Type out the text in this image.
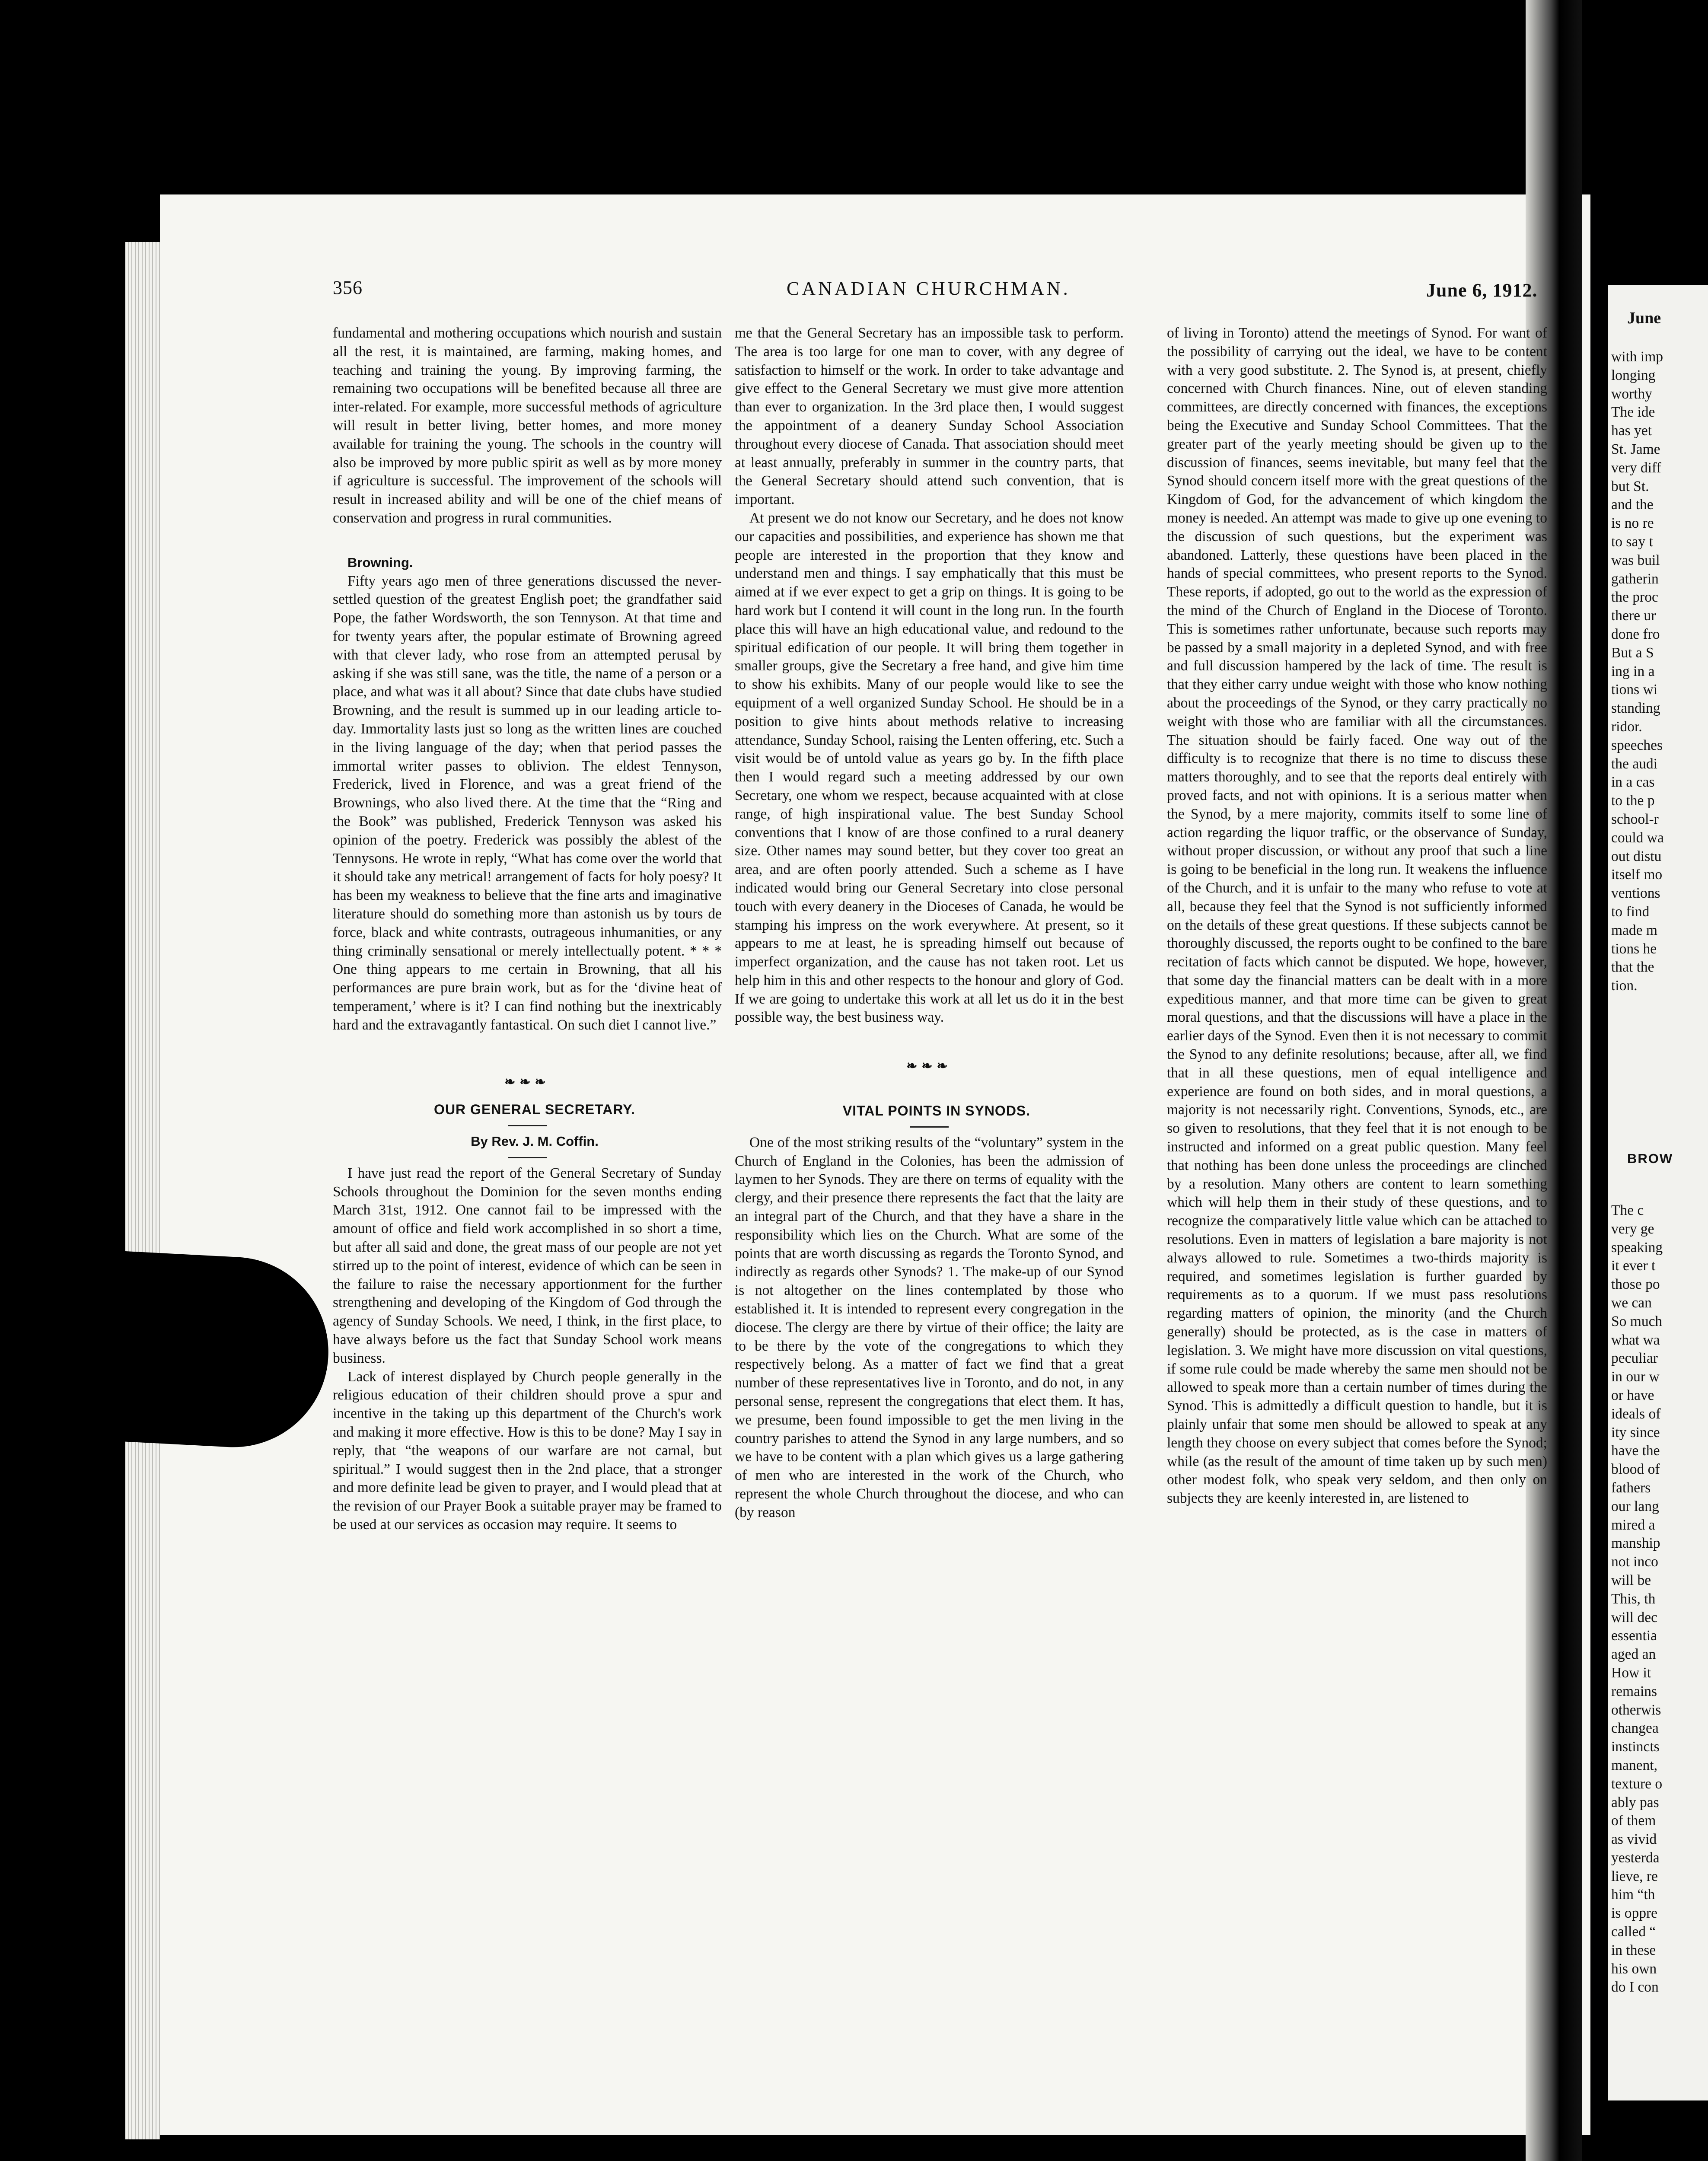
356	CANADIAN CHURCHMAN.	June 6, 1912.

fundamental and mothering occupations which nourish and sustain all the rest, it is maintained, are farming, making homes, and teaching and training the young. By improving farming, the remaining two occupations will be benefited because all three are inter-related. For example, more successful methods of agriculture will result in better living, better homes, and more money available for training the young. The schools in the country will also be improved by more public spirit as well as by more money if agriculture is successful. The improvement of the schools will result in increased ability and will be one of the chief means of conservation and progress in rural communities.

Browning.

Fifty years ago men of three generations discussed the never-settled question of the greatest English poet; the grandfather said Pope, the father Wordsworth, the son Tennyson. At that time and for twenty years after, the popular estimate of Browning agreed with that clever lady, who rose from an attempted perusal by asking if she was still sane, was the title, the name of a person or a place, and what was it all about? Since that date clubs have studied Browning, and the result is summed up in our leading article to-day. Immortality lasts just so long as the written lines are couched in the living language of the day; when that period passes the immortal writer passes to oblivion. The eldest Tennyson, Frederick, lived in Florence, and was a great friend of the Brownings, who also lived there. At the time that the “Ring and the Book” was published, Frederick Tennyson was asked his opinion of the poetry. Frederick was possibly the ablest of the Tennysons. He wrote in reply, “What has come over the world that it should take any metrical! arrangement of facts for holy poesy? It has been my weakness to believe that the fine arts and imaginative literature should do something more than astonish us by tours de force, black and white contrasts, outrageous inhumanities, or any thing criminally sensational or merely intellectually potent. * * * One thing appears to me certain in Browning, that all his performances are pure brain work, but as for the ‘divine heat of temperament,’ where is it? I can find nothing but the inextricably hard and the extravagantly fantastical. On such diet I cannot live.”

❧❧❧

OUR GENERAL SECRETARY.

By Rev. J. M. Coffin.

I have just read the report of the General Secretary of Sunday Schools throughout the Dominion for the seven months ending March 31st, 1912. One cannot fail to be impressed with the amount of office and field work accomplished in so short a time, but after all said and done, the great mass of our people are not yet stirred up to the point of interest, evidence of which can be seen in the failure to raise the necessary apportionment for the further strengthening and developing of the Kingdom of God through the agency of Sunday Schools. We need, I think, in the first place, to have always before us the fact that Sunday School work means business.

Lack of interest displayed by Church people generally in the religious education of their children should prove a spur and incentive in the taking up this department of the Church's work and making it more effective. How is this to be done? May I say in reply, that “the weapons of our warfare are not carnal, but spiritual.” I would suggest then in the 2nd place, that a stronger and more definite lead be given to prayer, and I would plead that at the revision of our Prayer Book a suitable prayer may be framed to be used at our services as occasion may require. It seems to

me that the General Secretary has an impossible task to perform. The area is too large for one man to cover, with any degree of satisfaction to himself or the work. In order to take advantage and give effect to the General Secretary we must give more attention than ever to organization. In the 3rd place then, I would suggest the appointment of a deanery Sunday School Association throughout every diocese of Canada. That association should meet at least annually, preferably in summer in the country parts, that the General Secretary should attend such convention, that is important.

At present we do not know our Secretary, and he does not know our capacities and possibilities, and experience has shown me that people are interested in the proportion that they know and understand men and things. I say emphatically that this must be aimed at if we ever expect to get a grip on things. It is going to be hard work but I contend it will count in the long run. In the fourth place this will have an high educational value, and redound to the spiritual edification of our people. It will bring them together in smaller groups, give the Secretary a free hand, and give him time to show his exhibits. Many of our people would like to see the equipment of a well organized Sunday School. He should be in a position to give hints about methods relative to increasing attendance, Sunday School, raising the Lenten offering, etc. Such a visit would be of untold value as years go by. In the fifth place then I would regard such a meeting addressed by our own Secretary, one whom we respect, because acquainted with at close range, of high inspirational value. The best Sunday School conventions that I know of are those confined to a rural deanery size. Other names may sound better, but they cover too great an area, and are often poorly attended. Such a scheme as I have indicated would bring our General Secretary into close personal touch with every deanery in the Dioceses of Canada, he would be stamping his impress on the work everywhere. At present, so it appears to me at least, he is spreading himself out because of imperfect organization, and the cause has not taken root. Let us help him in this and other respects to the honour and glory of God. If we are going to undertake this work at all let us do it in the best possible way, the best business way.

❧❧❧

VITAL POINTS IN SYNODS.

One of the most striking results of the “voluntary” system in the Church of England in the Colonies, has been the admission of laymen to her Synods. They are there on terms of equality with the clergy, and their presence there represents the fact that the laity are an integral part of the Church, and that they have a share in the responsibility which lies on the Church. What are some of the points that are worth discussing as regards the Toronto Synod, and indirectly as regards other Synods? 1. The make-up of our Synod is not altogether on the lines contemplated by those who established it. It is intended to represent every congregation in the diocese. The clergy are there by virtue of their office; the laity are to be there by the vote of the congregations to which they respectively belong. As a matter of fact we find that a great number of these representatives live in Toronto, and do not, in any personal sense, represent the congregations that elect them. It has, we presume, been found impossible to get the men living in the country parishes to attend the Synod in any large numbers, and so we have to be content with a plan which gives us a large gathering of men who are interested in the work of the Church, who represent the whole Church throughout the diocese, and who can (by reason

of living in Toronto) attend the meetings of Synod. For want of the possibility of carrying out the ideal, we have to be content with a very good substitute. 2. The Synod is, at present, chiefly concerned with Church finances. Nine, out of eleven standing committees, are directly concerned with finances, the exceptions being the Executive and Sunday School Committees. That the greater part of the yearly meeting should be given up to the discussion of finances, seems inevitable, but many feel that the Synod should concern itself more with the great questions of the Kingdom of God, for the advancement of which kingdom the money is needed. An attempt was made to give up one evening to the discussion of such questions, but the experiment was abandoned. Latterly, these questions have been placed in the hands of special committees, who present reports to the Synod. These reports, if adopted, go out to the world as the expression of the mind of the Church of England in the Diocese of Toronto. This is sometimes rather unfortunate, because such reports may be passed by a small majority in a depleted Synod, and with free and full discussion hampered by the lack of time. The result is that they either carry undue weight with those who know nothing about the proceedings of the Synod, or they carry practically no weight with those who are familiar with all the circumstances. The situation should be fairly faced. One way out of the difficulty is to recognize that there is no time to discuss these matters thoroughly, and to see that the reports deal entirely with proved facts, and not with opinions. It is a serious matter when the Synod, by a mere majority, commits itself to some line of action regarding the liquor traffic, or the observance of Sunday, without proper discussion, or without any proof that such a line is going to be beneficial in the long run. It weakens the influence of the Church, and it is unfair to the many who refuse to vote at all, because they feel that the Synod is not sufficiently informed on the details of these great questions. If these subjects cannot be thoroughly discussed, the reports ought to be confined to the bare recitation of facts which cannot be disputed. We hope, however, that some day the financial matters can be dealt with in a more expeditious manner, and that more time can be given to great moral questions, and that the discussions will have a place in the earlier days of the Synod. Even then it is not necessary to commit the Synod to any definite resolutions; because, after all, we find that in all these questions, men of equal intelligence and experience are found on both sides, and in moral questions, a majority is not necessarily right. Conventions, Synods, etc., are so given to resolutions, that they feel that it is not enough to be instructed and informed on a great public question. Many feel that nothing has been done unless the proceedings are clinched by a resolution. Many others are content to learn something which will help them in their study of these questions, and to recognize the comparatively little value which can be attached to resolutions. Even in matters of legislation a bare majority is not always allowed to rule. Sometimes a two-thirds majority is required, and sometimes legislation is further guarded by requirements as to a quorum. If we must pass resolutions regarding matters of opinion, the minority (and the Church generally) should be protected, as is the case in matters of legislation. 3. We might have more discussion on vital questions, if some rule could be made whereby the same men should not be allowed to speak more than a certain number of times during the Synod. This is admittedly a difficult question to handle, but it is plainly unfair that some men should be allowed to speak at any length they choose on every subject that comes before the Synod; while (as the result of the amount of time taken up by such men) other modest folk, who speak very seldom, and then only on subjects they are keenly interested in, are listened to

June
with imp
longing
worthy
The ide
has yet
St. Jame
very diff
but St.
and the
is no re
to say t
was buil
gatherin
the proc
there ur
done fro
But a S
ing in a
tions wi
standing
ridor.
speeches
the audi
in a cas
to the p
school-r
could wa
out distu
itself mo
ventions
to find
made m
tions he
that the
tion.
BROW
The c
very ge
speaking
it ever t
those po
we can
So much
what wa
peculiar
in our w
or have
ideals of
ity since
have the
blood of
fathers
our lang
mired a
manship
not inco
will be
This, th
will dec
essentia
aged an
How it
remains
otherwis
changea
instincts
manent,
texture o
ably pas
of them
as vivid
yesterda
lieve, re
him “th
is oppre
called “
in these
his own
do I con
